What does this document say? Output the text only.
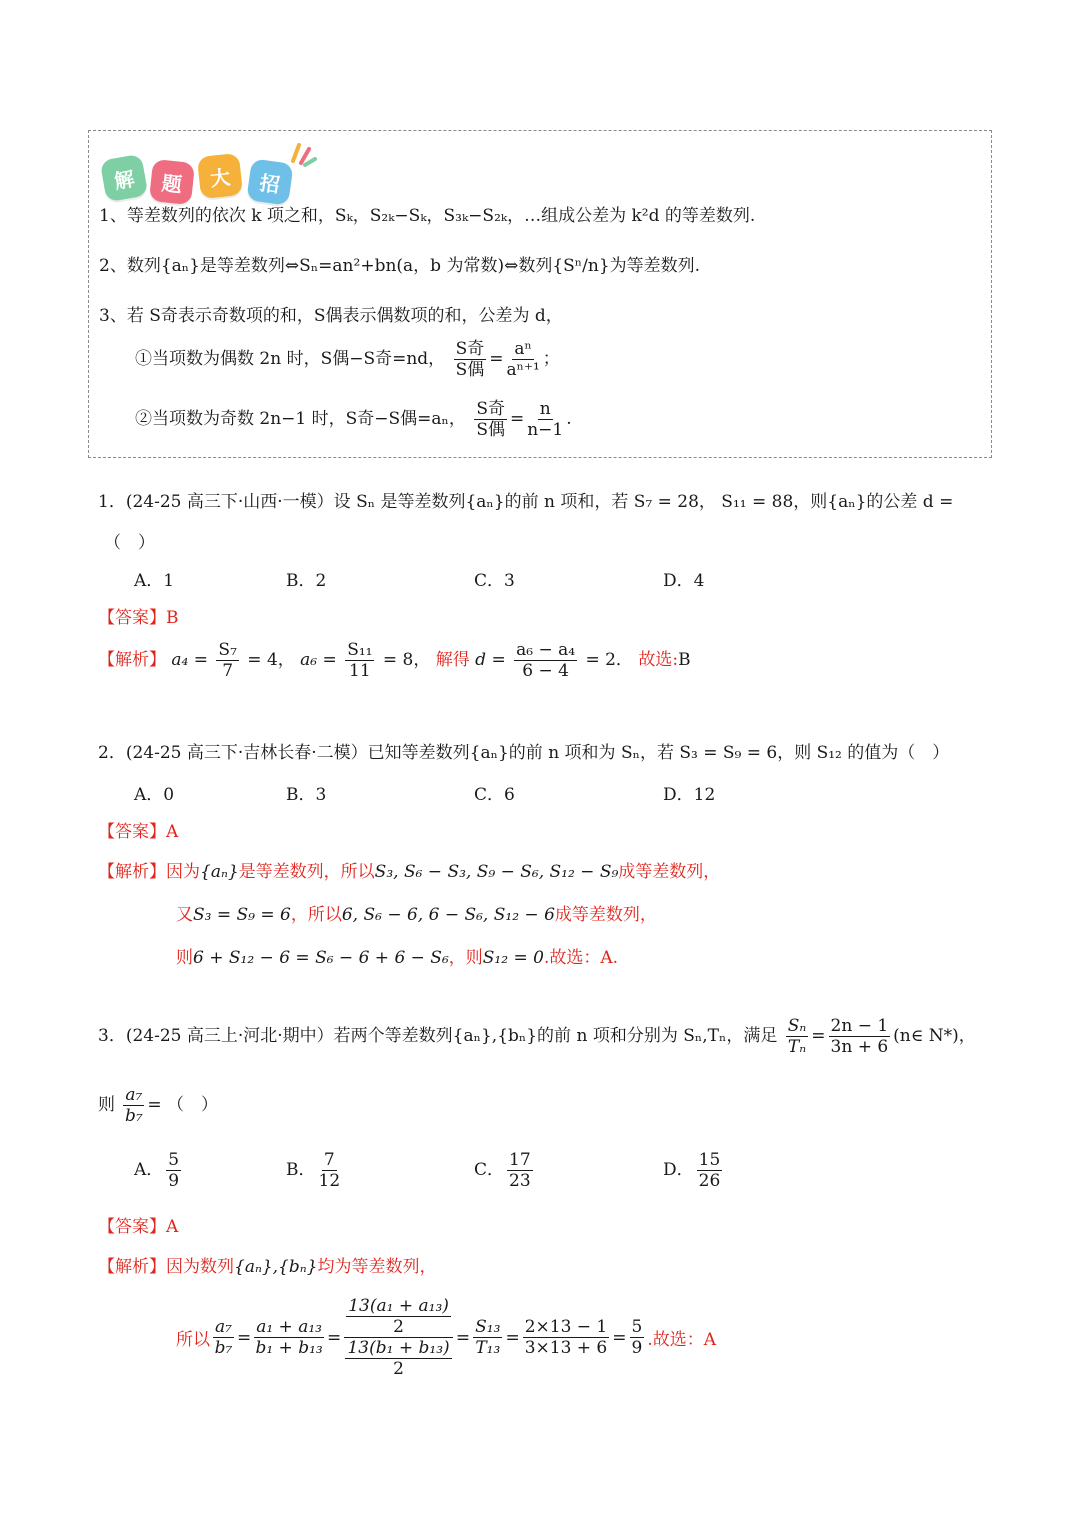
解	题	大	招
1、等差数列的依次 k 项之和，Sₖ，S₂ₖ−Sₖ，S₃ₖ−S₂ₖ，…组成公差为 k²d 的等差数列.
2、数列{aₙ}是等差数列⇔Sₙ=an²+bn(a，b 为常数)⇔数列{Sⁿ/n}为等差数列.
3、若 S奇表示奇数项的和，S偶表示偶数项的和，公差为 d，
①当项数为偶数 2n 时，S偶−S奇=nd， $\frac{\text{S奇}}{\text{S偶}} = \frac{\text{aⁿ}}{\text{aⁿ⁺¹}}$ ；
②当项数为奇数 2n−1 时，S奇−S偶=aₙ， $\frac{\text{S奇}}{\text{S偶}} = \frac{n}{n-1}$ .
1．(24-25 高三下·山西·一模）设 Sₙ 是等差数列{aₙ}的前 n 项和，若 S₇ = 28， S₁₁ = 88，则{aₙ}的公差 d =
（　）
A．1	B．2	C．3	D．4
【答案】B
【解析】 $a_4 = \frac{\text{S₇}}{7} = 4$， $a_6 = \frac{\text{S₁₁}}{11} = 8$， 解得 $d = \frac{\text{a₆ − a₄}}{6 - 4} = 2$． 故选:B
2．(24-25 高三下·吉林长春·二模）已知等差数列{aₙ}的前 n 项和为 Sₙ，若 S₃ = S₉ = 6，则 S₁₂ 的值为（　）
A．0	B．3	C．6	D．12
【答案】A
【解析】因为{aₙ}是等差数列，所以S₃, S₆ − S₃, S₉ − S₆, S₁₂ − S₉成等差数列，
又S₃ = S₉ = 6，所以6, S₆ − 6, 6 − S₆, S₁₂ − 6成等差数列，
则6 + S₁₂ − 6 = S₆ − 6 + 6 − S₆，则S₁₂ = 0.故选：A.
3．(24-25 高三上·河北·期中）若两个等差数列{aₙ},{bₙ}的前 n 项和分别为 Sₙ,Tₙ，满足 $\frac{\text{Sₙ}}{\text{Tₙ}} = \frac{2n - 1}{3n + 6}$ (n∈ N*)，
则 $\frac{\text{a₇}}{\text{b₇}}$ = （　）
A． $\frac{5}{9}$	B． $\frac{7}{12}$	C． $\frac{17}{23}$	D． $\frac{15}{26}$
【答案】A
【解析】因为数列{aₙ},{bₙ}均为等差数列，
所以 $\frac{\text{a₇}}{\text{b₇}} = \frac{\text{a₁ + a₁₃}}{\text{b₁ + b₁₃}} = \frac{\frac{\text{13(a₁ + a₁₃)}}{2}}{\frac{\text{13(b₁ + b₁₃)}}{2}} = \frac{\text{S₁₃}}{\text{T₁₃}} = \frac{2\times 13 - 1}{3\times 13 + 6} = \frac{5}{9}$ .故选：A
